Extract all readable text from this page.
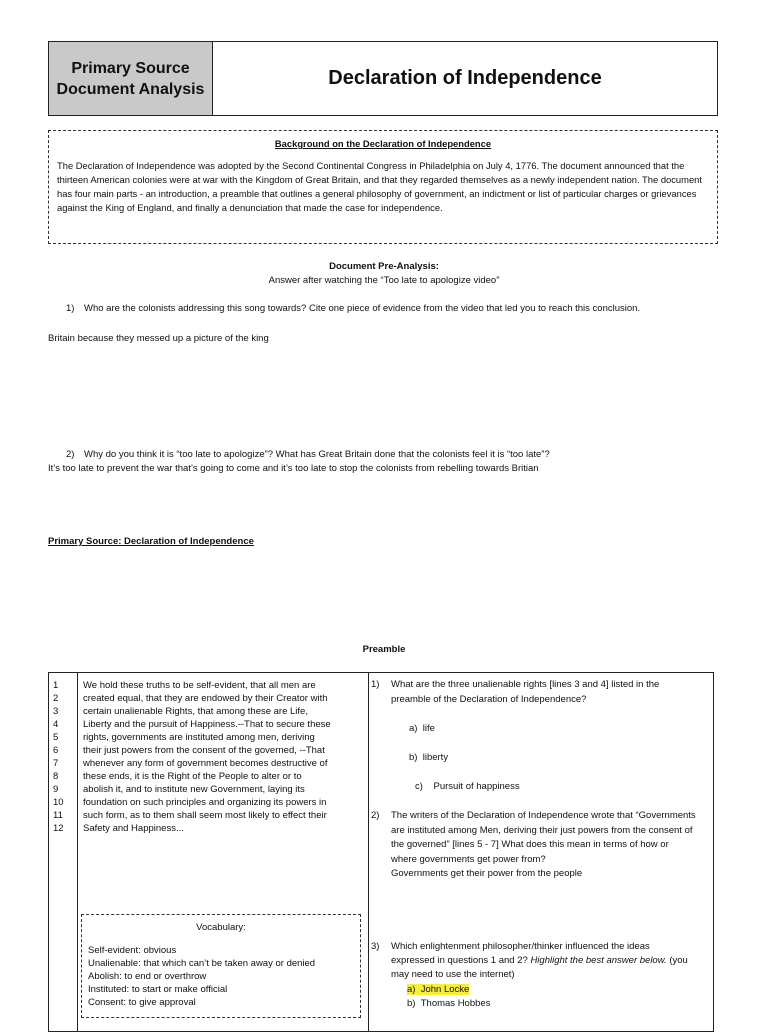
Primary Source Document Analysis	Declaration of Independence
Background on the Declaration of Independence

The Declaration of Independence was adopted by the Second Continental Congress in Philadelphia on July 4, 1776. The document announced that the thirteen American colonies were at war with the Kingdom of Great Britain, and that they regarded themselves as a newly independent nation. The document has four main parts - an introduction, a preamble that outlines a general philosophy of government, an indictment or list of particular charges or grievances against the King of England, and finally a denunciation that made the case for independence.

Document Pre-Analysis:
Answer after watching the “Too late to apologize video”
1) Who are the colonists addressing this song towards? Cite one piece of evidence from the video that led you to reach this conclusion.
Britain because they messed up a picture of the king
2) Why do you think it is “too late to apologize”? What has Great Britain done that the colonists feel it is “too late”?
It’s too late to prevent the war that’s going to come and it’s too late to stop the colonists from rebelling towards Britian
Primary Source: Declaration of Independence
Preamble
1
2
3
4
5
6
7
8
9
10
11
12
We hold these truths to be self-evident, that all men are
created equal, that they are endowed by their Creator with
certain unalienable Rights, that among these are Life,
Liberty and the pursuit of Happiness.--That to secure these
rights, governments are instituted among men, deriving
their just powers from the consent of the governed, --That
whenever any form of government becomes destructive of
these ends, it is the Right of the People to alter or to
abolish it, and to institute new Government, laying its
foundation on such principles and organizing its powers in
such form, as to them shall seem most likely to effect their
Safety and Happiness...
Vocabulary:
Self-evident: obvious
Unalienable: that which can’t be taken away or denied
Abolish: to end or overthrow
Instituted: to start or make official
Consent: to give approval
1) What are the three unalienable rights [lines 3 and 4] listed in the preamble of the Declaration of Independence?
a) life
b) liberty
c) Pursuit of happiness
2) The writers of the Declaration of Independence wrote that “Governments are instituted among Men, deriving their just powers from the consent of the governed” [lines 5 - 7] What does this mean in terms of how or where governments get power from?
Governments get their power from the people
3) Which enlightenment philosopher/thinker influenced the ideas expressed in questions 1 and 2? Highlight the best answer below. (you may need to use the internet)
a) John Locke
b) Thomas Hobbes
